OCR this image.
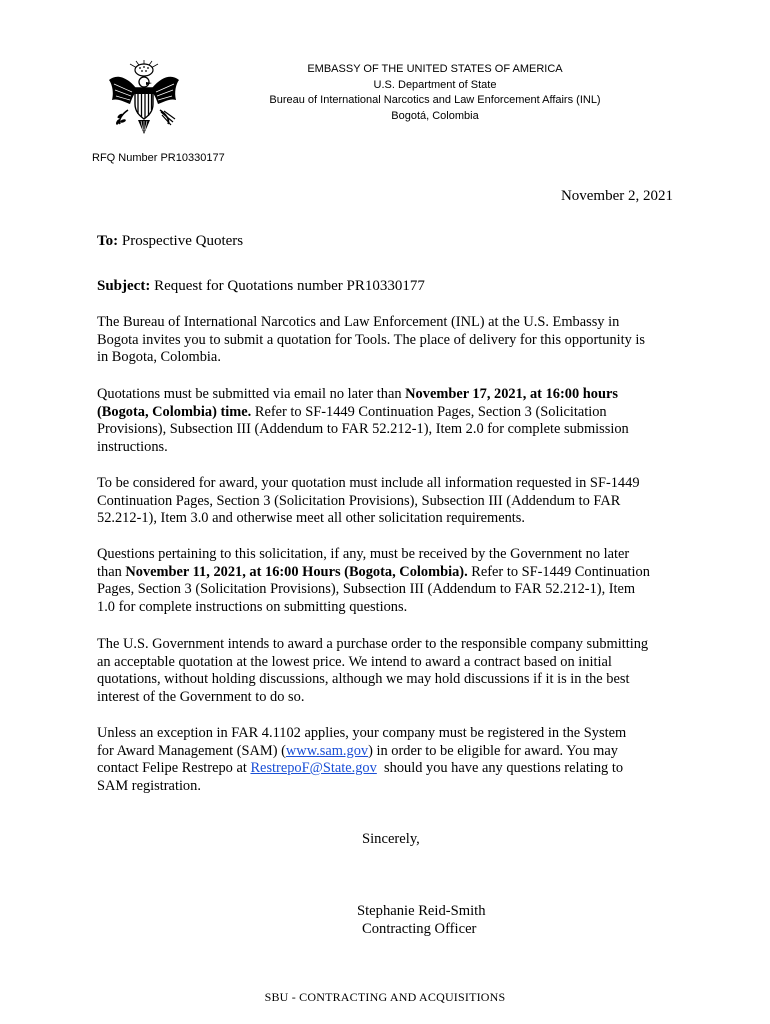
EMBASSY OF THE UNITED STATES OF AMERICA
U.S. Department of State
Bureau of International Narcotics and Law Enforcement Affairs (INL)
Bogotá, Colombia
RFQ Number PR10330177
November 2, 2021
To: Prospective Quoters
Subject: Request for Quotations number PR10330177
The Bureau of International Narcotics and Law Enforcement (INL) at the U.S. Embassy in
Bogota invites you to submit a quotation for Tools. The place of delivery for this opportunity is
in Bogota, Colombia.
Quotations must be submitted via email no later than November 17, 2021, at 16:00 hours
(Bogota, Colombia) time. Refer to SF-1449 Continuation Pages, Section 3 (Solicitation
Provisions), Subsection III (Addendum to FAR 52.212-1), Item 2.0 for complete submission
instructions.
To be considered for award, your quotation must include all information requested in SF-1449
Continuation Pages, Section 3 (Solicitation Provisions), Subsection III (Addendum to FAR
52.212-1), Item 3.0 and otherwise meet all other solicitation requirements.
Questions pertaining to this solicitation, if any, must be received by the Government no later
than November 11, 2021, at 16:00 Hours (Bogota, Colombia). Refer to SF-1449 Continuation
Pages, Section 3 (Solicitation Provisions), Subsection III (Addendum to FAR 52.212-1), Item
1.0 for complete instructions on submitting questions.
The U.S. Government intends to award a purchase order to the responsible company submitting
an acceptable quotation at the lowest price. We intend to award a contract based on initial
quotations, without holding discussions, although we may hold discussions if it is in the best
interest of the Government to do so.
Unless an exception in FAR 4.1102 applies, your company must be registered in the System
for Award Management (SAM) (www.sam.gov) in order to be eligible for award. You may
contact Felipe Restrepo at RestrepoF@State.gov  should you have any questions relating to
SAM registration.
Sincerely,
Stephanie Reid-Smith
Contracting Officer
SBU - CONTRACTING AND ACQUISITIONS
